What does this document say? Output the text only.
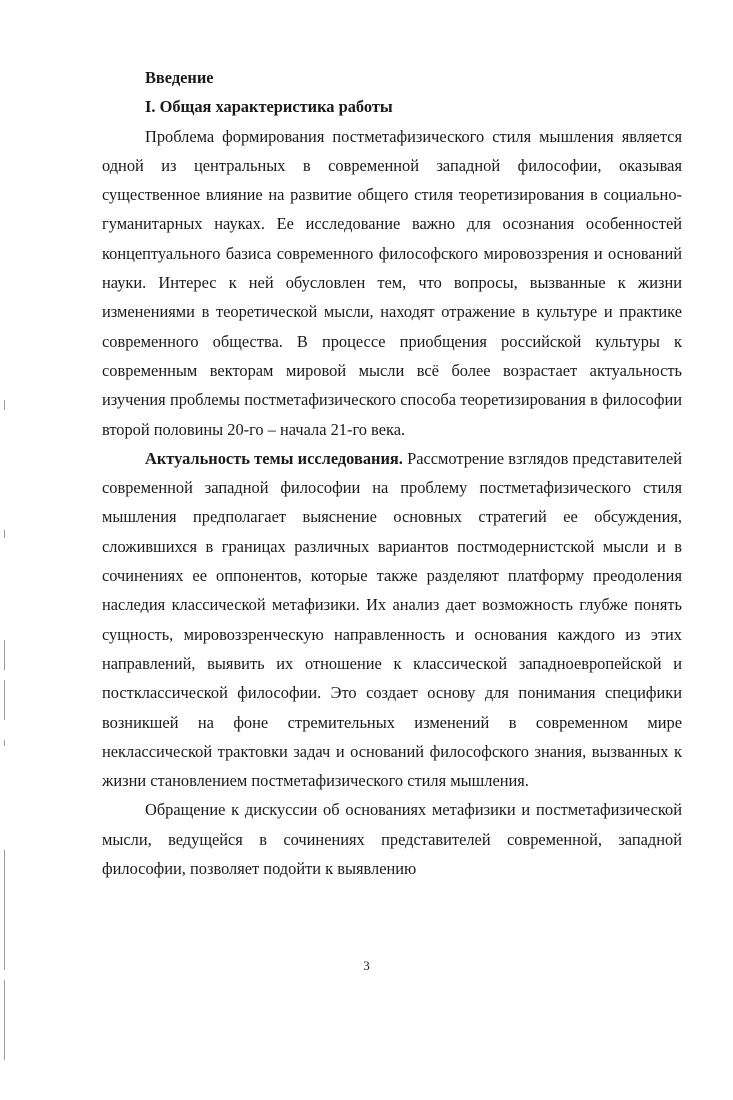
Введение

I. Общая характеристика работы

Проблема формирования постметафизического стиля мышления является одной из центральных в современной западной философии, оказывая существенное влияние на развитие общего стиля теоретизирования в социально-гуманитарных науках. Ее исследование важно для осознания особенностей концептуального базиса современного философского мировоззрения и оснований науки. Интерес к ней обусловлен тем, что вопросы, вызванные к жизни изменениями в теоретической мысли, находят отражение в культуре и практике современного общества. В процессе приобщения российской культуры к современным векторам мировой мысли всё более возрастает актуальность изучения проблемы постметафизического способа теоретизирования в философии второй половины 20-го – начала 21-го века.

Актуальность темы исследования. Рассмотрение взглядов представителей современной западной философии на проблему постметафизического стиля мышления предполагает выяснение основных стратегий ее обсуждения, сложившихся в границах различных вариантов постмодернистской мысли и в сочинениях ее оппонентов, которые также разделяют платформу преодоления наследия классической метафизики. Их анализ дает возможность глубже понять сущность, мировоззренческую направленность и основания каждого из этих направлений, выявить их отношение к классической западноевропейской и постклассической философии. Это создает основу для понимания специфики возникшей на фоне стремительных изменений в современном мире неклассической трактовки задач и оснований философского знания, вызванных к жизни становлением постметафизического стиля мышления.

Обращение к дискуссии об основаниях метафизики и постметафизической мысли, ведущейся в сочинениях представителей современной, западной философии, позволяет подойти к выявлению

3
